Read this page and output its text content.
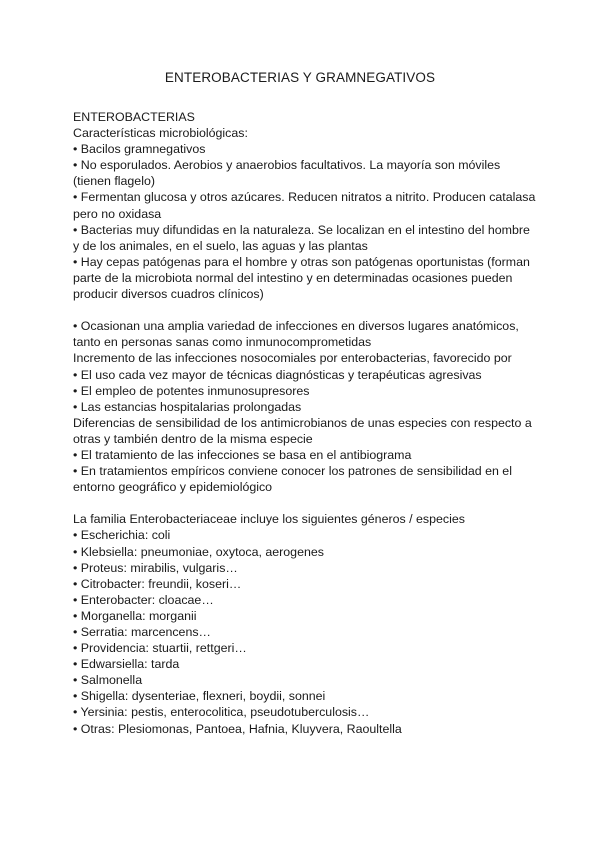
ENTEROBACTERIAS Y GRAMNEGATIVOS
ENTEROBACTERIAS
Características microbiológicas:
• Bacilos gramnegativos
• No esporulados. Aerobios y anaerobios facultativos. La mayoría son móviles
(tienen flagelo)
• Fermentan glucosa y otros azúcares. Reducen nitratos a nitrito. Producen catalasa
pero no oxidasa
• Bacterias muy difundidas en la naturaleza. Se localizan en el intestino del hombre
y de los animales, en el suelo, las aguas y las plantas
• Hay cepas patógenas para el hombre y otras son patógenas oportunistas (forman
parte de la microbiota normal del intestino y en determinadas ocasiones pueden
producir diversos cuadros clínicos)
• Ocasionan una amplia variedad de infecciones en diversos lugares anatómicos,
tanto en personas sanas como inmunocomprometidas
Incremento de las infecciones nosocomiales por enterobacterias, favorecido por
• El uso cada vez mayor de técnicas diagnósticas y terapéuticas agresivas
• El empleo de potentes inmunosupresores
• Las estancias hospitalarias prolongadas
Diferencias de sensibilidad de los antimicrobianos de unas especies con respecto a
otras y también dentro de la misma especie
• El tratamiento de las infecciones se basa en el antibiograma
• En tratamientos empíricos conviene conocer los patrones de sensibilidad en el
entorno geográfico y epidemiológico
La familia Enterobacteriaceae incluye los siguientes géneros / especies
• Escherichia: coli
• Klebsiella: pneumoniae, oxytoca, aerogenes
• Proteus: mirabilis, vulgaris…
• Citrobacter: freundii, koseri…
• Enterobacter: cloacae…
• Morganella: morganii
• Serratia: marcencens…
• Providencia: stuartii, rettgeri…
• Edwarsiella: tarda
• Salmonella
• Shigella: dysenteriae, flexneri, boydii, sonnei
• Yersinia: pestis, enterocolitica, pseudotuberculosis…
• Otras: Plesiomonas, Pantoea, Hafnia, Kluyvera, Raoultella
